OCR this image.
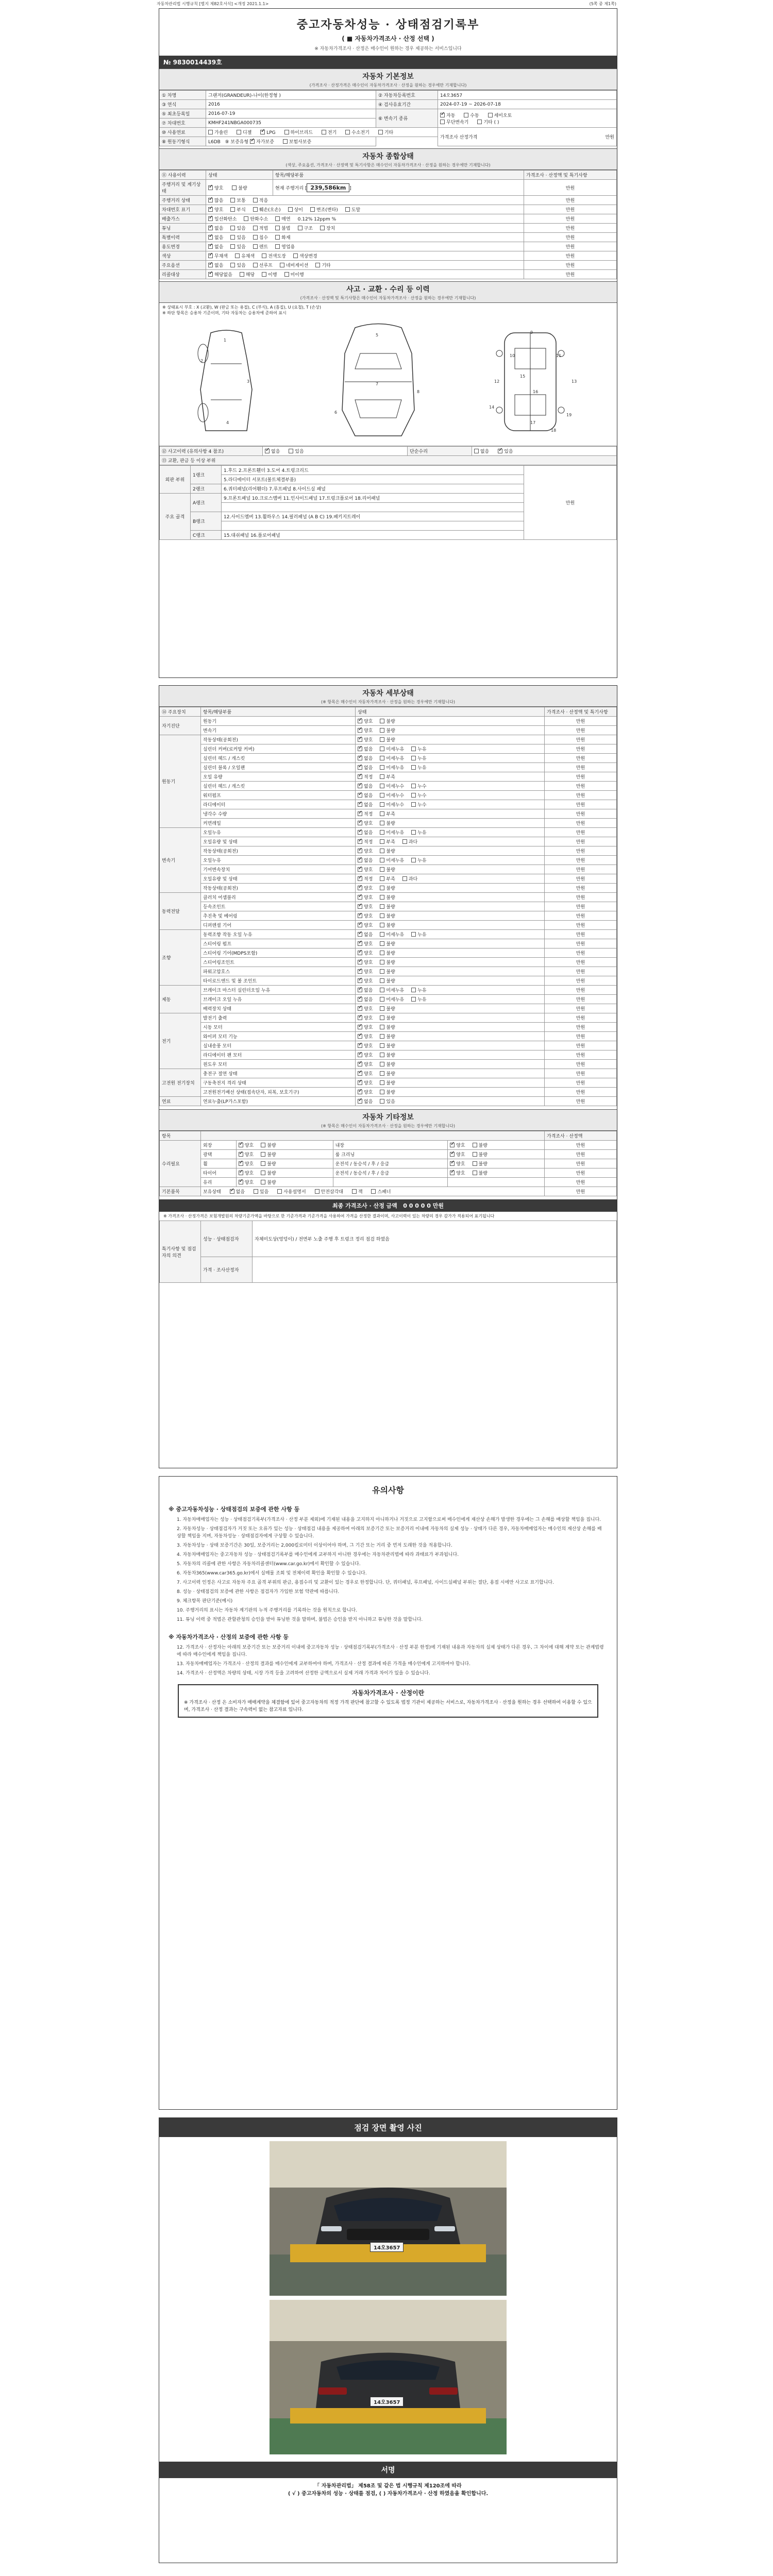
자동차관리법 시행규칙 [별지 제82호서식] <개정 2021.1.1>	(5쪽 중 제1쪽)
중고자동차성능 · 상태점검기록부
( ■ 자동차가격조사 · 산정 선택 )
※ 자동차가격조사 · 산정은 매수인이 원하는 경우 제공하는 서비스입니다
№ 9830014439호
자동차 기본정보
(가격조사 · 산정가격은 매수인이 자동차가격조사 · 산정을 원하는 경우에만 기재합니다)
① 차명	그랜저(GRANDEUR)-나이(한정형 )	② 자동차등록번호	14오3657
③ 연식	2016	④ 검사유효기간	2024-07-19 ~ 2026-07-18
⑤ 최초등록일	2016-07-19	⑥ 변속기 종류	✓자동 수동 세미오토
무단변속기 기타 ( )
⑦ 차대번호	KMHF241NBGA000735		
⑩ 사용연료	가솔린 디젤 ✓ LPG 하이브리드 전기 수소전기 기타		가격조사 산정가격 만원

⑧ 원동기형식	L6DB ⑨ 보증유형 ✓ 자가보증 보험사보증
자동차 종합상태
(색상, 주요옵션, 가격조사 · 산정액 및 특기사항은 매수인이 자동차가격조사 · 산정을 원하는 경우에만 기재합니다)
⑪ 사용이력	상태	항목/해당부품	가격조사 · 산정액 및 특기사항
주행거리 및 계기상태	✓양호 불량	현재 주행거리 [ 239,586km ]	만원
주행거리 상태	✓많음 보통 적음		만원
차대번호 표기	✓양호 부식 훼손(오손) 상이 변조(변타) 도말		만원
배출가스	✓일산화탄소 탄화수소 매연 0.12% 12ppm %		만원
튜닝	✓없음 있음 적법 불법 구조 장치		만원
특별이력	✓없음 있음 침수 화재		만원
용도변경	✓없음 있음 렌트 영업용		만원
색상	✓무채색 유채색 전색도장 색상변경		만원
주요옵션	✓없음 있음 선루프 네비게이션 기타		만원
리콜대상	✓해당없음 해당 이행 미이행		만원
사고 · 교환 · 수리 등 이력
(가격조사 · 산정액 및 특기사항은 매수인이 자동차가격조사 · 산정을 원하는 경우에만 기재합니다)
※ 상태표시 부호 : X (교환), W (판금 또는 용접), C (부식), A (흠집), U (요철), T (손상)
※ 하단 항목은 승용차 기준이며, 기타 자동차는 승용차에 준하여 표시
1
2
3
4
5
6
7
8
9
10	11
12	13
14
15
16
17
18
19
⑫ 사고이력 (유의사항 4 참조)	✓없음	있음	단순수리	없음 ✓	있음
⑬ 교환, 판금 등 이상 부위
외판 부위	1랭크	1.후드 2.프론트휀더 3.도어 4.트렁크리드	만원
		5.라디에이터 서포트(볼트체결부품)	
	2랭크	6.쿼터패널(리어휀더) 7.루프패널 8.사이드실 패널	
주요 골격	A랭크	9.프론트패널 10.크로스멤버 11.인사이드패널 17.트렁크플로어 18.리어패널	

	B랭크	12.사이드멤버 13.휠하우스 14.필러패널 (A B C) 19.패키지트레이	

	C랭크	15.대쉬패널 16.플로어패널	
자동차 세부상태
(※ 항목은 매수인이 자동차가격조사 · 산정을 원하는 경우에만 기재합니다)
⑭ 주요장치	항목/해당부품	상태	가격조사 · 산정액 및 특기사항
자기진단	원동기	✓양호 불량	만원
	변속기	✓양호 불량	만원
원동기	작동상태(공회전)	✓양호 불량	만원
	실린더 커버(로커암 커버)	✓없음 미세누유 누유	만원
	실린더 헤드 / 개스킷	✓없음 미세누유 누유	만원
	실린더 블록 / 오일팬	✓없음 미세누유 누유	만원
	오일 유량	✓적정 부족	만원
	실린더 헤드 / 개스킷	✓없음 미세누수 누수	만원
	워터펌프	✓없음 미세누수 누수	만원
	라디에이터	✓없음 미세누수 누수	만원
	냉각수 수량	✓적정 부족	만원
	커먼레일	✓양호 불량	만원
변속기	오일누유	✓없음 미세누유 누유	만원
	오일유량 및 상태	✓적정 부족 과다	만원
	작동상태(공회전)	✓양호 불량	만원
	오일누유	✓없음 미세누유 누유	만원
	기어변속장치	✓양호 불량	만원
	오일유량 및 상태	✓적정 부족 과다	만원
	작동상태(공회전)	✓양호 불량	만원
동력전달	클러치 어셈블리	✓양호 불량	만원
	등속조인트	✓양호 불량	만원
	추진축 및 베어링	✓양호 불량	만원
	디퍼렌셜 기어	✓양호 불량	만원
조향	동력조향 작동 오일 누유	✓없음 미세누유 누유	만원
	스티어링 펌프	✓양호 불량	만원
	스티어링 기어(MDPS포함)	✓양호 불량	만원
	스티어링조인트	✓양호 불량	만원
	파워고압호스	✓양호 불량	만원
	타이로드엔드 및 볼 조인트	✓양호 불량	만원
제동	브레이크 마스터 실린더오일 누유	✓없음 미세누유 누유	만원
	브레이크 오일 누유	✓없음 미세누유 누유	만원
	배력장치 상태	✓양호 불량	만원
전기	발전기 출력	✓양호 불량	만원
	시동 모터	✓양호 불량	만원
	와이퍼 모터 기능	✓양호 불량	만원
	실내송풍 모터	✓양호 불량	만원
	라디에이터 팬 모터	✓양호 불량	만원
	윈도우 모터	✓양호 불량	만원
고전원 전기장치	충전구 절연 상태	✓양호 불량	만원
	구동축전지 격리 상태	✓양호 불량	만원
	고전원전기배선 상태(접속단자, 피복, 보호기구)	✓양호 불량	만원
연료	연료누출(LP가스포함)	✓없음 있음	만원
자동차 기타정보
(※ 항목은 매수인이 자동차가격조사 · 산정을 원하는 경우에만 기재합니다)
항목					가격조사 · 산정액
수리필요	외장	✓양호 불량	내장	✓양호 불량	만원
	광택	✓양호 불량	룸 크리닝	✓양호 불량	만원
	휠	✓양호 불량	운전석 / 동승석 / 후 / 응급	✓양호 불량	만원
	타이어	✓양호 불량	운전석 / 동승석 / 후 / 응급	✓양호 불량	만원
	유리	✓양호 불량			만원
기본품목	보유상태 ✓ 없음 있음 사용설명서 안전삼각대 잭 스패너				만원
최종 가격조사 · 산정 금액 0 0 0 0 0 만원
※ 가격조사 · 산정가격은 보험개발원의 차량기준가액을 바탕으로 한 기준가격과 기준가격을 사용하여 가격을 산정한 결과이며, 사고이력이 있는 차량의 경우 감가가 적용되어 표기됩니다
특기사항 및 점검자의 의견	성능 · 상태점검자	자체미도상(엉덩이) / 전면부 노출 주행 후 트렁크 정리 점검 하였음
	가격 · 조사산정자	
유의사항
※ 중고자동차성능 · 상태점검의 보증에 관한 사항 등
1. 자동차매매업자는 성능 · 상태점검기록부(가격조사 · 산정 부분 제외)에 기재된 내용을 고지하지 아니하거나 거짓으로 고지함으로써 매수인에게 재산상 손해가 발생한 경우에는 그 손해를 배상할 책임을 집니다.
2. 자동차성능 · 상태점검자가 거짓 또는 오류가 있는 성능 · 상태점검 내용을 제공하여 아래의 보증기간 또는 보증거리 이내에 자동차의 실제 성능 · 상태가 다른 경우, 자동차매매업자는 매수인의 재산상 손해를 배상할 책임을 지며, 자동차성능 · 상태점검자에게 구상할 수 있습니다.
3. 자동차성능 · 상태 보증기간은 30일, 보증거리는 2,000킬로미터 이상이어야 하며, 그 기간 또는 거리 중 먼저 도래한 것을 적용합니다.
4. 자동차매매업자는 중고자동차 성능 · 상태점검기록부를 매수인에게 교부하지 아니한 경우에는 자동차관리법에 따라 과태료가 부과됩니다.
5. 자동차의 리콜에 관한 사항은 자동차리콜센터(www.car.go.kr)에서 확인할 수 있습니다.
6. 자동차365(www.car365.go.kr)에서 실매물 조회 및 전체이력 확인을 확인할 수 있습니다.
7. 사고이력 인정은 사고로 자동차 주요 골격 부위의 판금, 용접수리 및 교환이 있는 경우로 한정합니다. 단, 쿼터패널, 루프패널, 사이드실패널 부위는 절단, 용접 시에만 사고로 표기합니다.
8. 성능 · 상태점검의 보증에 관한 사항은 점검자가 가입한 보험 약관에 따릅니다.
9. 체크항목 판단기준(예시)
10. 주행거리의 표시는 자동차 계기판의 누적 주행거리를 기록하는 것을 원칙으로 합니다.
11. 튜닝 이력 중 적법은 관할관청의 승인을 받아 튜닝한 것을 말하며, 불법은 승인을 받지 아니하고 튜닝한 것을 말합니다.
※ 자동차가격조사 · 산정의 보증에 관한 사항 등
12. 가격조사 · 산정자는 아래의 보증기간 또는 보증거리 이내에 중고자동차 성능 · 상태점검기록부(가격조사 · 산정 부분 한정)에 기재된 내용과 자동차의 실제 상태가 다른 경우, 그 차이에 대해 계약 또는 관계법령에 따라 매수인에게 책임을 집니다.
13. 자동차매매업자는 가격조사 · 산정의 결과를 매수인에게 교부하여야 하며, 가격조사 · 산정 결과에 따른 가격을 매수인에게 고지하여야 합니다.
14. 가격조사 · 산정액은 차량의 상태, 시장 가격 등을 고려하여 산정한 금액으로서 실제 거래 가격과 차이가 있을 수 있습니다.
자동차가격조사 · 산정이란
※ 가격조사 · 산정 은 소비자가 매매계약을 체결함에 있어 중고자동차의 적정 가격 판단에 참고할 수 있도록 법정 기관이 제공하는 서비스로, 자동차가격조사 · 산정을 원하는 경우 선택하여 이용할 수 있으며, 가격조사 · 산정 결과는 구속력이 없는 참고자료 입니다.
점검 장면 촬영 사진
14오3657
14오3657
서명
「 자동차관리법」 제58조 및 같은 법 시행규칙 제120조에 따라
( √ ) 중고자동차의 성능 · 상태를 점검, ( ) 자동차가격조사 · 산정 하였음을 확인합니다.
